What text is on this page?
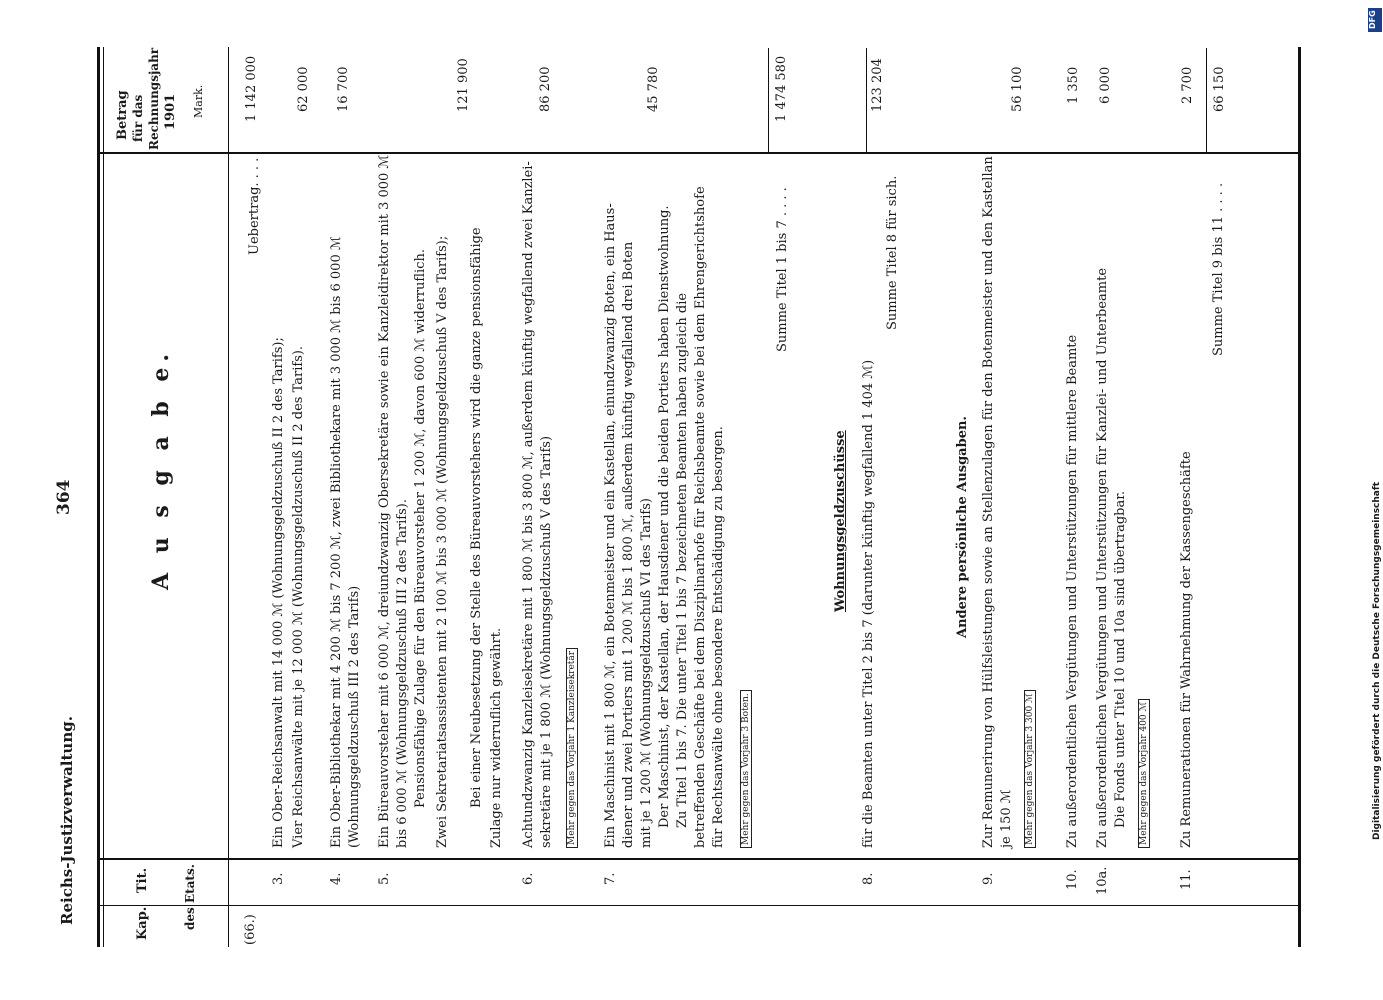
Reichs-Justizverwaltung.
364
Kap.
Tit.	des Etats.
A u s g a b e.
Betrag für das Rechnungsjahr 1901 Mark.
(66.)
Uebertrag. . . .
1 142 000
3.
Ein Ober-Reichsanwalt mit 14 000 ℳ (Wohnungsgeldzuschuß II 2 des Tarifs); Vier Reichsanwälte mit je 12 000 ℳ (Wohnungsgeldzuschuß II 2 des Tarifs).
62 000
4.
Ein Ober-Bibliothekar mit 4 200 ℳ bis 7 200 ℳ, zwei Bibliothekare mit 3 000 ℳ bis 6 000 ℳ (Wohnungsgeldzuschuß III 2 des Tarifs)
16 700
5.
Ein Büreauvorsteher mit 6 000 ℳ, dreiundzwanzig Obersekretäre sowie ein Kanzleidirektor mit 3 000 ℳ bis 6 000 ℳ (Wohnungsgeldzuschuß III 2 des Tarifs). Pensionsfähige Zulage für den Büreauvorsteher 1 200 ℳ, davon 600 ℳ widerruflich. Zwei Sekretariatsassistenten mit 2 100 ℳ bis 3 000 ℳ (Wohnungsgeldzuschuß V des Tarifs); Bei einer Neubesetzung der Stelle des Büreauvorstehers wird die ganze pensionsfähige Zulage nur widerruflich gewährt.
121 900
6.
Achtundzwanzig Kanzleisekretäre mit 1 800 ℳ bis 3 800 ℳ, außerdem künftig wegfallend zwei Kanzlei- sekretäre mit je 1 800 ℳ (Wohnungsgeldzuschuß V des Tarifs) Mehr gegen das Vorjahr 1 Kanzleisekretär
86 200
7.
Ein Maschinist mit 1 800 ℳ, ein Botenmeister und ein Kastellan, einundzwanzig Boten, ein Haus- diener und zwei Portiers mit 1 200 ℳ bis 1 800 ℳ, außerdem künftig wegfallend drei Boten mit je 1 200 ℳ (Wohnungsgeldzuschuß VI des Tarifs) Der Maschinist, der Kastellan, der Hausdiener und die beiden Portiers haben Dienstwohnung. Zu Titel 1 bis 7. Die unter Titel 1 bis 7 bezeichneten Beamten haben zugleich die betreffenden Geschäfte bei dem Disziplinarhofe für Reichsbeamte sowie bei dem Ehrengerichtshofe für Rechtsanwälte ohne besondere Entschädigung zu besorgen. Mehr gegen das Vorjahr 3 Boten.
45 780
Summe Titel 1 bis 7 . . . .
1 474 580
Wohnungsgeldzuschüsse
8.
für die Beamten unter Titel 2 bis 7 (darunter künftig wegfallend 1 404 ℳ)
Summe Titel 8 für sich.
123 204
Andere persönliche Ausgaben.
9.
Zur Remunerirung von Hülfsleistungen sowie an Stellenzulagen für den Botenmeister und den Kastellan je 150 ℳ Mehr gegen das Vorjahr 3 300 ℳ
56 100
10.
Zu außerordentlichen Vergütungen und Unterstützungen für mittlere Beamte
1 350
10a.
Zu außerordentlichen Vergütungen und Unterstützungen für Kanzlei- und Unterbeamte Die Fonds unter Titel 10 und 10a sind übertragbar. Mehr gegen das Vorjahr 400 ℳ
6 000
11.
Zu Remunerationen für Wahrnehmung der Kassengeschäfte
2 700
Summe Titel 9 bis 11 . . . .
66 150
Digitalisierung gefördert durch die Deutsche Forschungsgemeinschaft
DFG
